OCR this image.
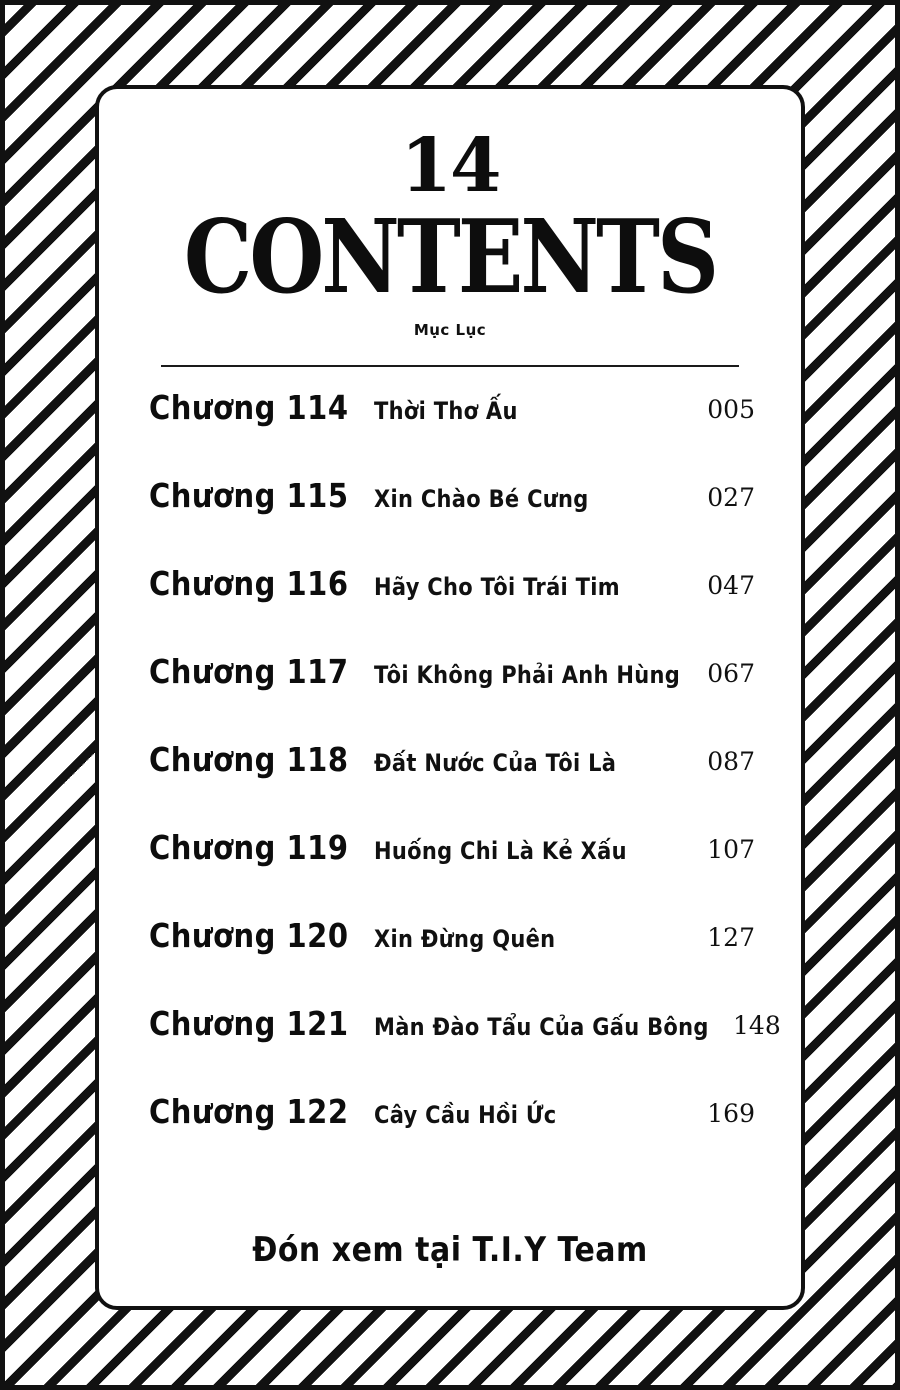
14
CONTENTS
Mục Lục
Chương 114	Thời Thơ Ấu	005
Chương 115	Xin Chào Bé Cưng	027
Chương 116	Hãy Cho Tôi Trái Tim	047
Chương 117	Tôi Không Phải Anh Hùng	067
Chương 118	Đất Nước Của Tôi Là	087
Chương 119	Huống Chi Là Kẻ Xấu	107
Chương 120	Xin Đừng Quên	127
Chương 121	Màn Đào Tẩu Của Gấu Bông 148
Chương 122	Cây Cầu Hồi Ức	169
Đón xem tại T.I.Y Team
